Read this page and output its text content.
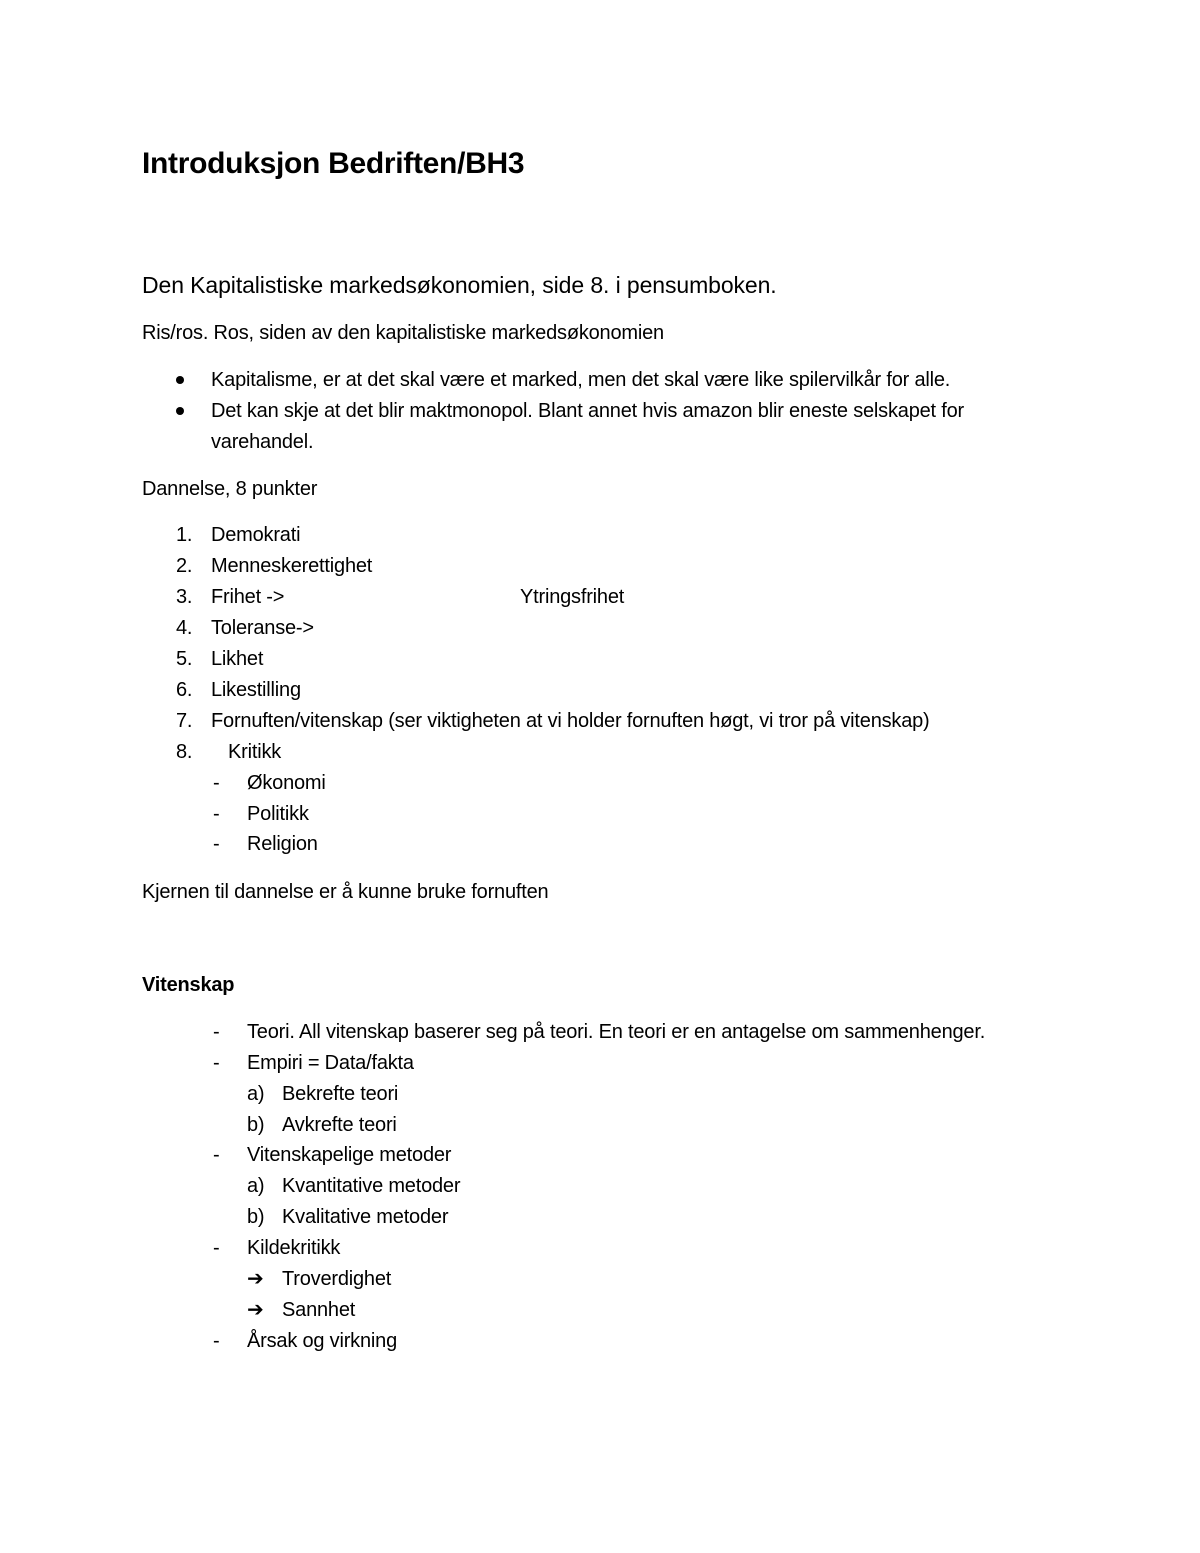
Introduksjon Bedriften/BH3
Den Kapitalistiske markedsøkonomien, side 8. i pensumboken.
Ris/ros. Ros, siden av den kapitalistiske markedsøkonomien
Kapitalisme, er at det skal være et marked, men det skal være like spilervilkår for alle.
Det kan skje at det blir maktmonopol. Blant annet hvis amazon blir eneste selskapet for
varehandel.
Dannelse, 8 punkter
1. Demokrati
2. Menneskerettighet
3. Frihet ->	Ytringsfrihet
4. Toleranse->
5. Likhet
6. Likestilling
7. Fornuften/vitenskap (ser viktigheten at vi holder fornuften høgt, vi tror på vitenskap)
8. Kritikk
- Økonomi
- Politikk
- Religion
Kjernen til dannelse er å kunne bruke fornuften
Vitenskap
- Teori. All vitenskap baserer seg på teori. En teori er en antagelse om sammenhenger.
- Empiri = Data/fakta
a) Bekrefte teori
b) Avkrefte teori
- Vitenskapelige metoder
a) Kvantitative metoder
b) Kvalitative metoder
- Kildekritikk
➔ Troverdighet
➔ Sannhet
- Årsak og virkning
